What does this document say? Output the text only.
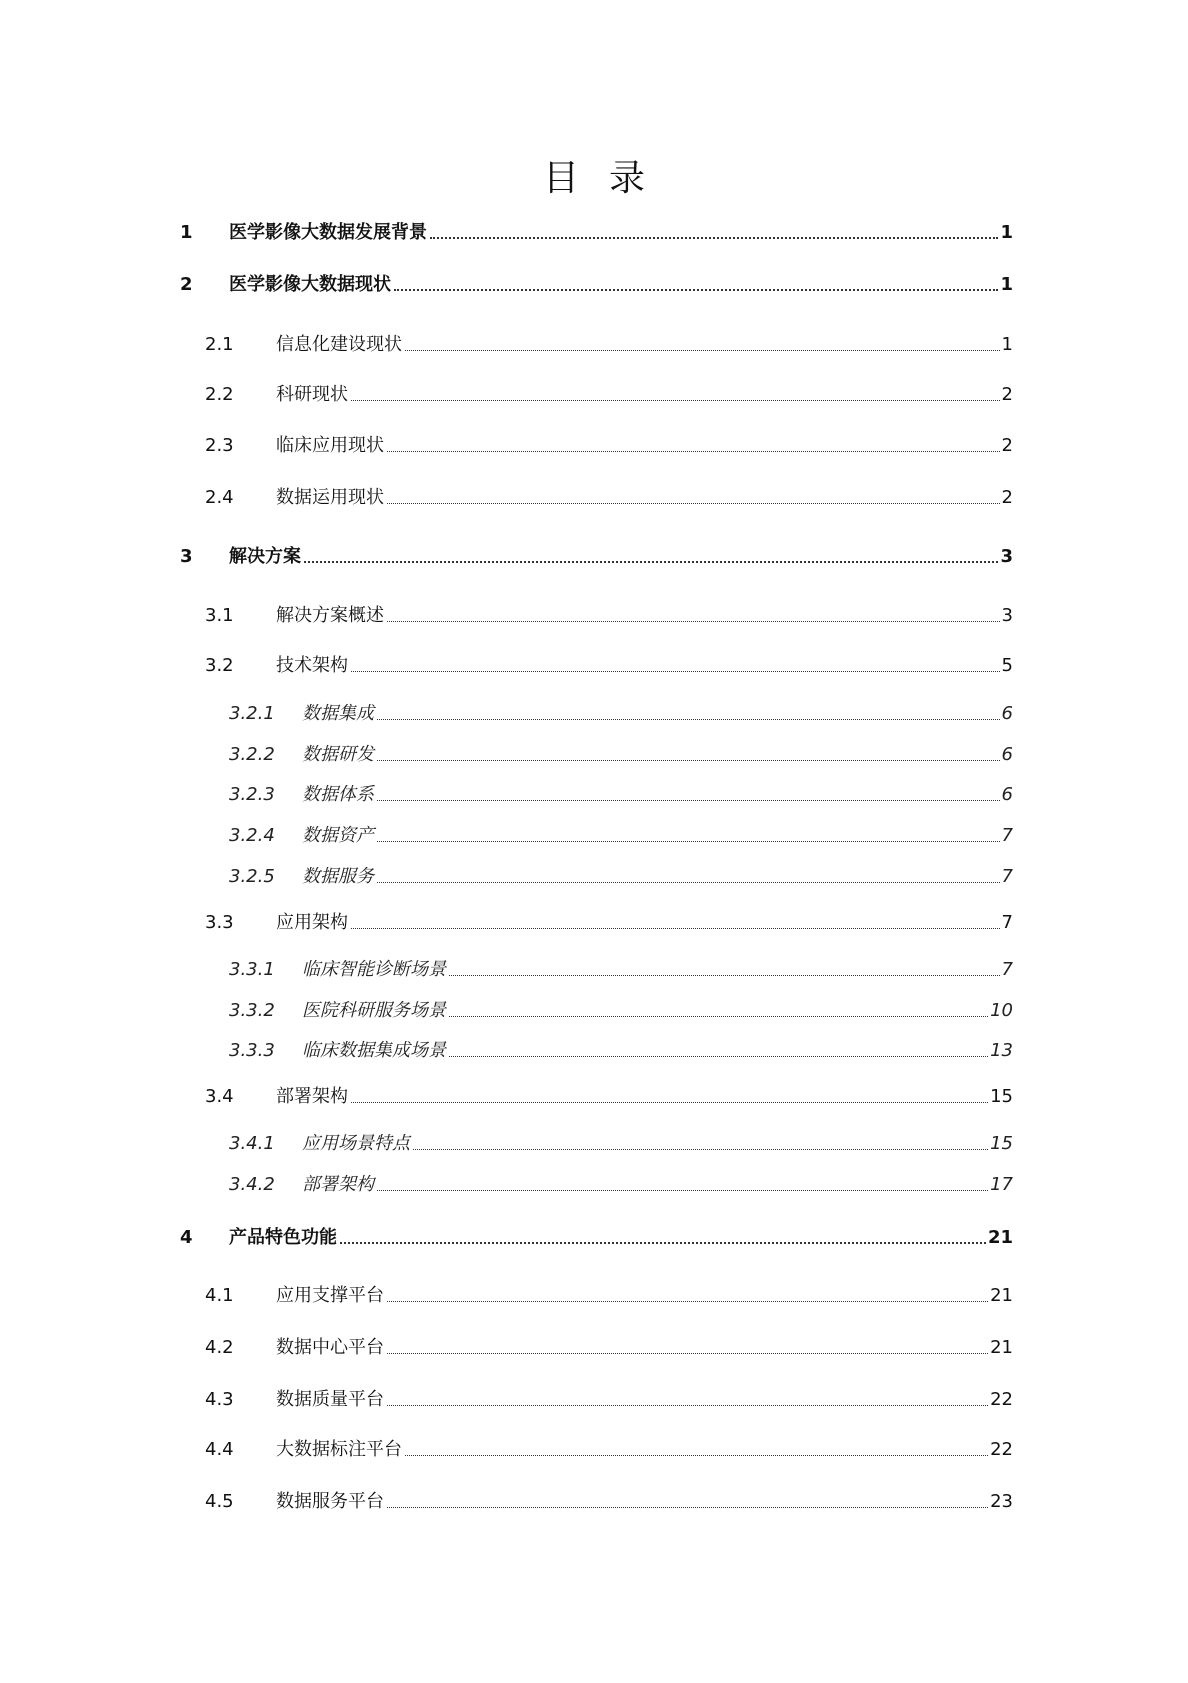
目录
1	医学影像大数据发展背景	1
2	医学影像大数据现状	1
2.1 信息化建设现状	1
2.2 科研现状	2
2.3 临床应用现状	2
2.4 数据运用现状	2
3	解决方案	3
3.1 解决方案概述	3
3.2 技术架构	5
3.2.1 数据集成	6
3.2.2 数据研发	6
3.2.3 数据体系	6
3.2.4 数据资产	7
3.2.5 数据服务	7
3.3 应用架构	7
3.3.1 临床智能诊断场景	7
3.3.2 医院科研服务场景	10
3.3.3 临床数据集成场景	13
3.4 部署架构	15
3.4.1 应用场景特点	15
3.4.2 部署架构	17
4	产品特色功能	21
4.1 应用支撑平台	21
4.2 数据中心平台	21
4.3 数据质量平台	22
4.4 大数据标注平台	22
4.5 数据服务平台	23
